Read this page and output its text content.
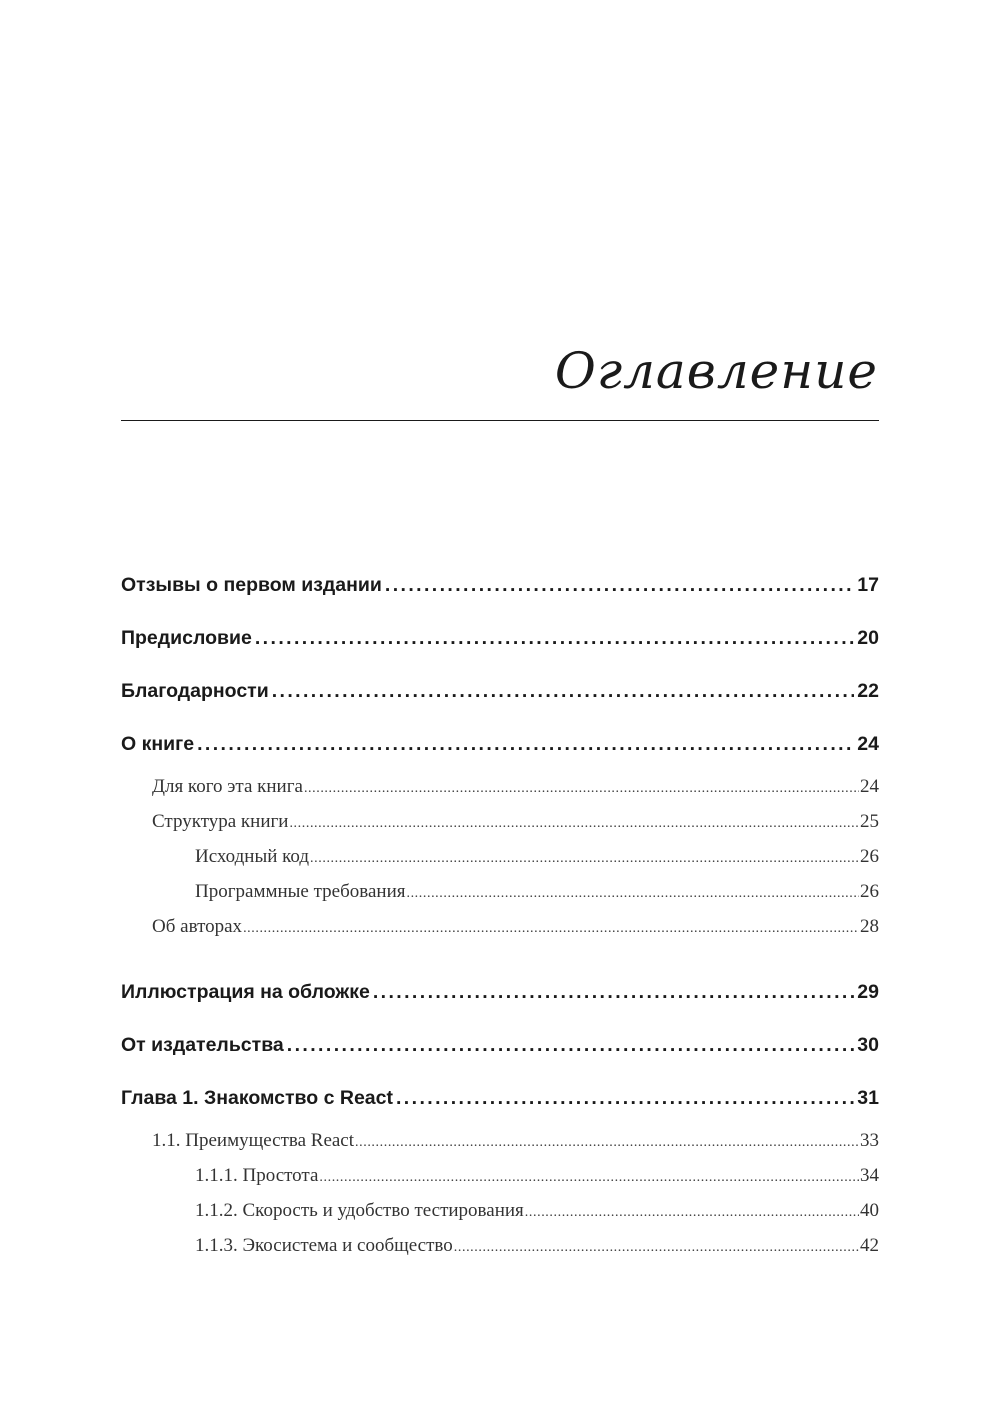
Оглавление
Отзывы о первом издании .....	17
Предисловие .....	20
Благодарности .....	22
О книге .....	24
Для кого эта книга .....	24
Структура книги .....	25
Исходный код .....	26
Программные требования .....	26
Об авторах .....	28
Иллюстрация на обложке .....	29
От издательства .....	30
Глава 1. Знакомство с React .....	31
1.1. Преимущества React .....	33
1.1.1. Простота .....	34
1.1.2. Скорость и удобство тестирования .....	40
1.1.3. Экосистема и сообщество .....	42
